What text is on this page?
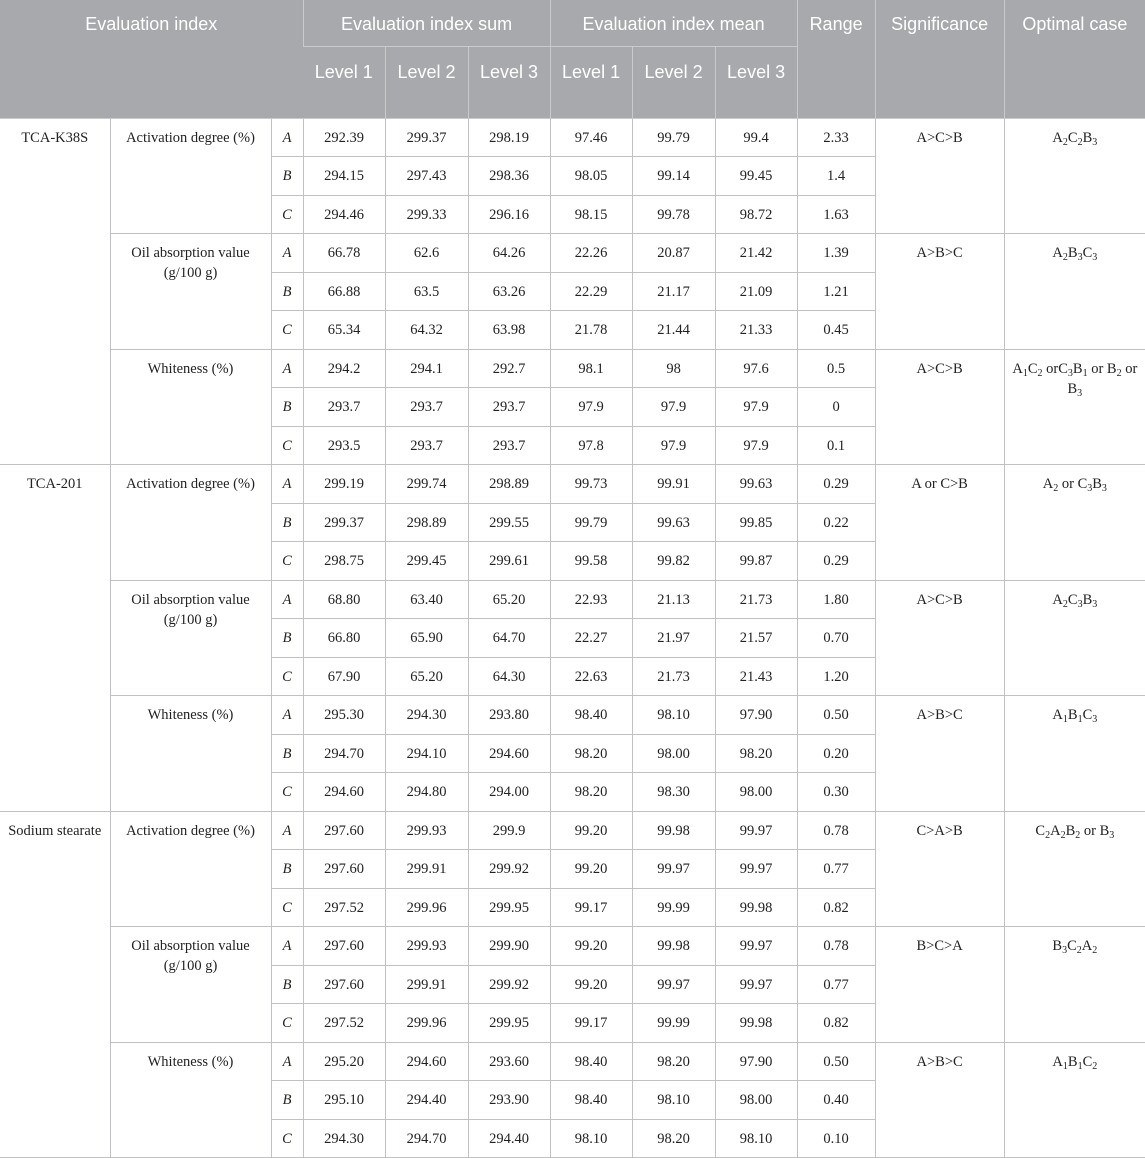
Evaluation index			Evaluation index sum			Evaluation index mean			Range	Significance	Optimal case
			Level 1	Level 2	Level 3	Level 1	Level 2	Level 3			
TCA-K38S	Activation degree (%)	A	292.39	299.37	298.19	97.46	99.79	99.4	2.33	A>C>B	$A_2C_2B_3$
		B	294.15	297.43	298.36	98.05	99.14	99.45	1.4		
		C	294.46	299.33	296.16	98.15	99.78	98.72	1.63		
	Oil absorption value (g/100 g)	A	66.78	62.6	64.26	22.26	20.87	21.42	1.39	A>B>C	$A_2B_3C_3$
		B	66.88	63.5	63.26	22.29	21.17	21.09	1.21		
		C	65.34	64.32	63.98	21.78	21.44	21.33	0.45		
	Whiteness (%)	A	294.2	294.1	292.7	98.1	98	97.6	0.5	A>C>B	$A_1C_2$ $orC_3B_1$ or $B_2$ or $B_3$
		B	293.7	293.7	293.7	97.9	97.9	97.9	0		
		C	293.5	293.7	293.7	97.8	97.9	97.9	0.1		
TCA-201	Activation degree (%)	A	299.19	299.74	298.89	99.73	99.91	99.63	0.29	A or C>B	$A_2$ or $C_3B_3$
		B	299.37	298.89	299.55	99.79	99.63	99.85	0.22		
		C	298.75	299.45	299.61	99.58	99.82	99.87	0.29		
	Oil absorption value (g/100 g)	A	68.80	63.40	65.20	22.93	21.13	21.73	1.80	A>C>B	$A_2C_3B_3$
		B	66.80	65.90	64.70	22.27	21.97	21.57	0.70		
		C	67.90	65.20	64.30	22.63	21.73	21.43	1.20		
	Whiteness (%)	A	295.30	294.30	293.80	98.40	98.10	97.90	0.50	A>B>C	$A_1B_1C_3$
		B	294.70	294.10	294.60	98.20	98.00	98.20	0.20		
		C	294.60	294.80	294.00	98.20	98.30	98.00	0.30		
Sodium stearate	Activation degree (%)	A	297.60	299.93	299.9	99.20	99.98	99.97	0.78	C>A>B	$C_2A_2B_2$ or $B_3$
		B	297.60	299.91	299.92	99.20	99.97	99.97	0.77		
		C	297.52	299.96	299.95	99.17	99.99	99.98	0.82		
	Oil absorption value (g/100 g)	A	297.60	299.93	299.90	99.20	99.98	99.97	0.78	B>C>A	$B_3C_2A_2$
		B	297.60	299.91	299.92	99.20	99.97	99.97	0.77		
		C	297.52	299.96	299.95	99.17	99.99	99.98	0.82		
	Whiteness (%)	A	295.20	294.60	293.60	98.40	98.20	97.90	0.50	A>B>C	$A_1B_1C_2$
		B	295.10	294.40	293.90	98.40	98.10	98.00	0.40		
		C	294.30	294.70	294.40	98.10	98.20	98.10	0.10		
